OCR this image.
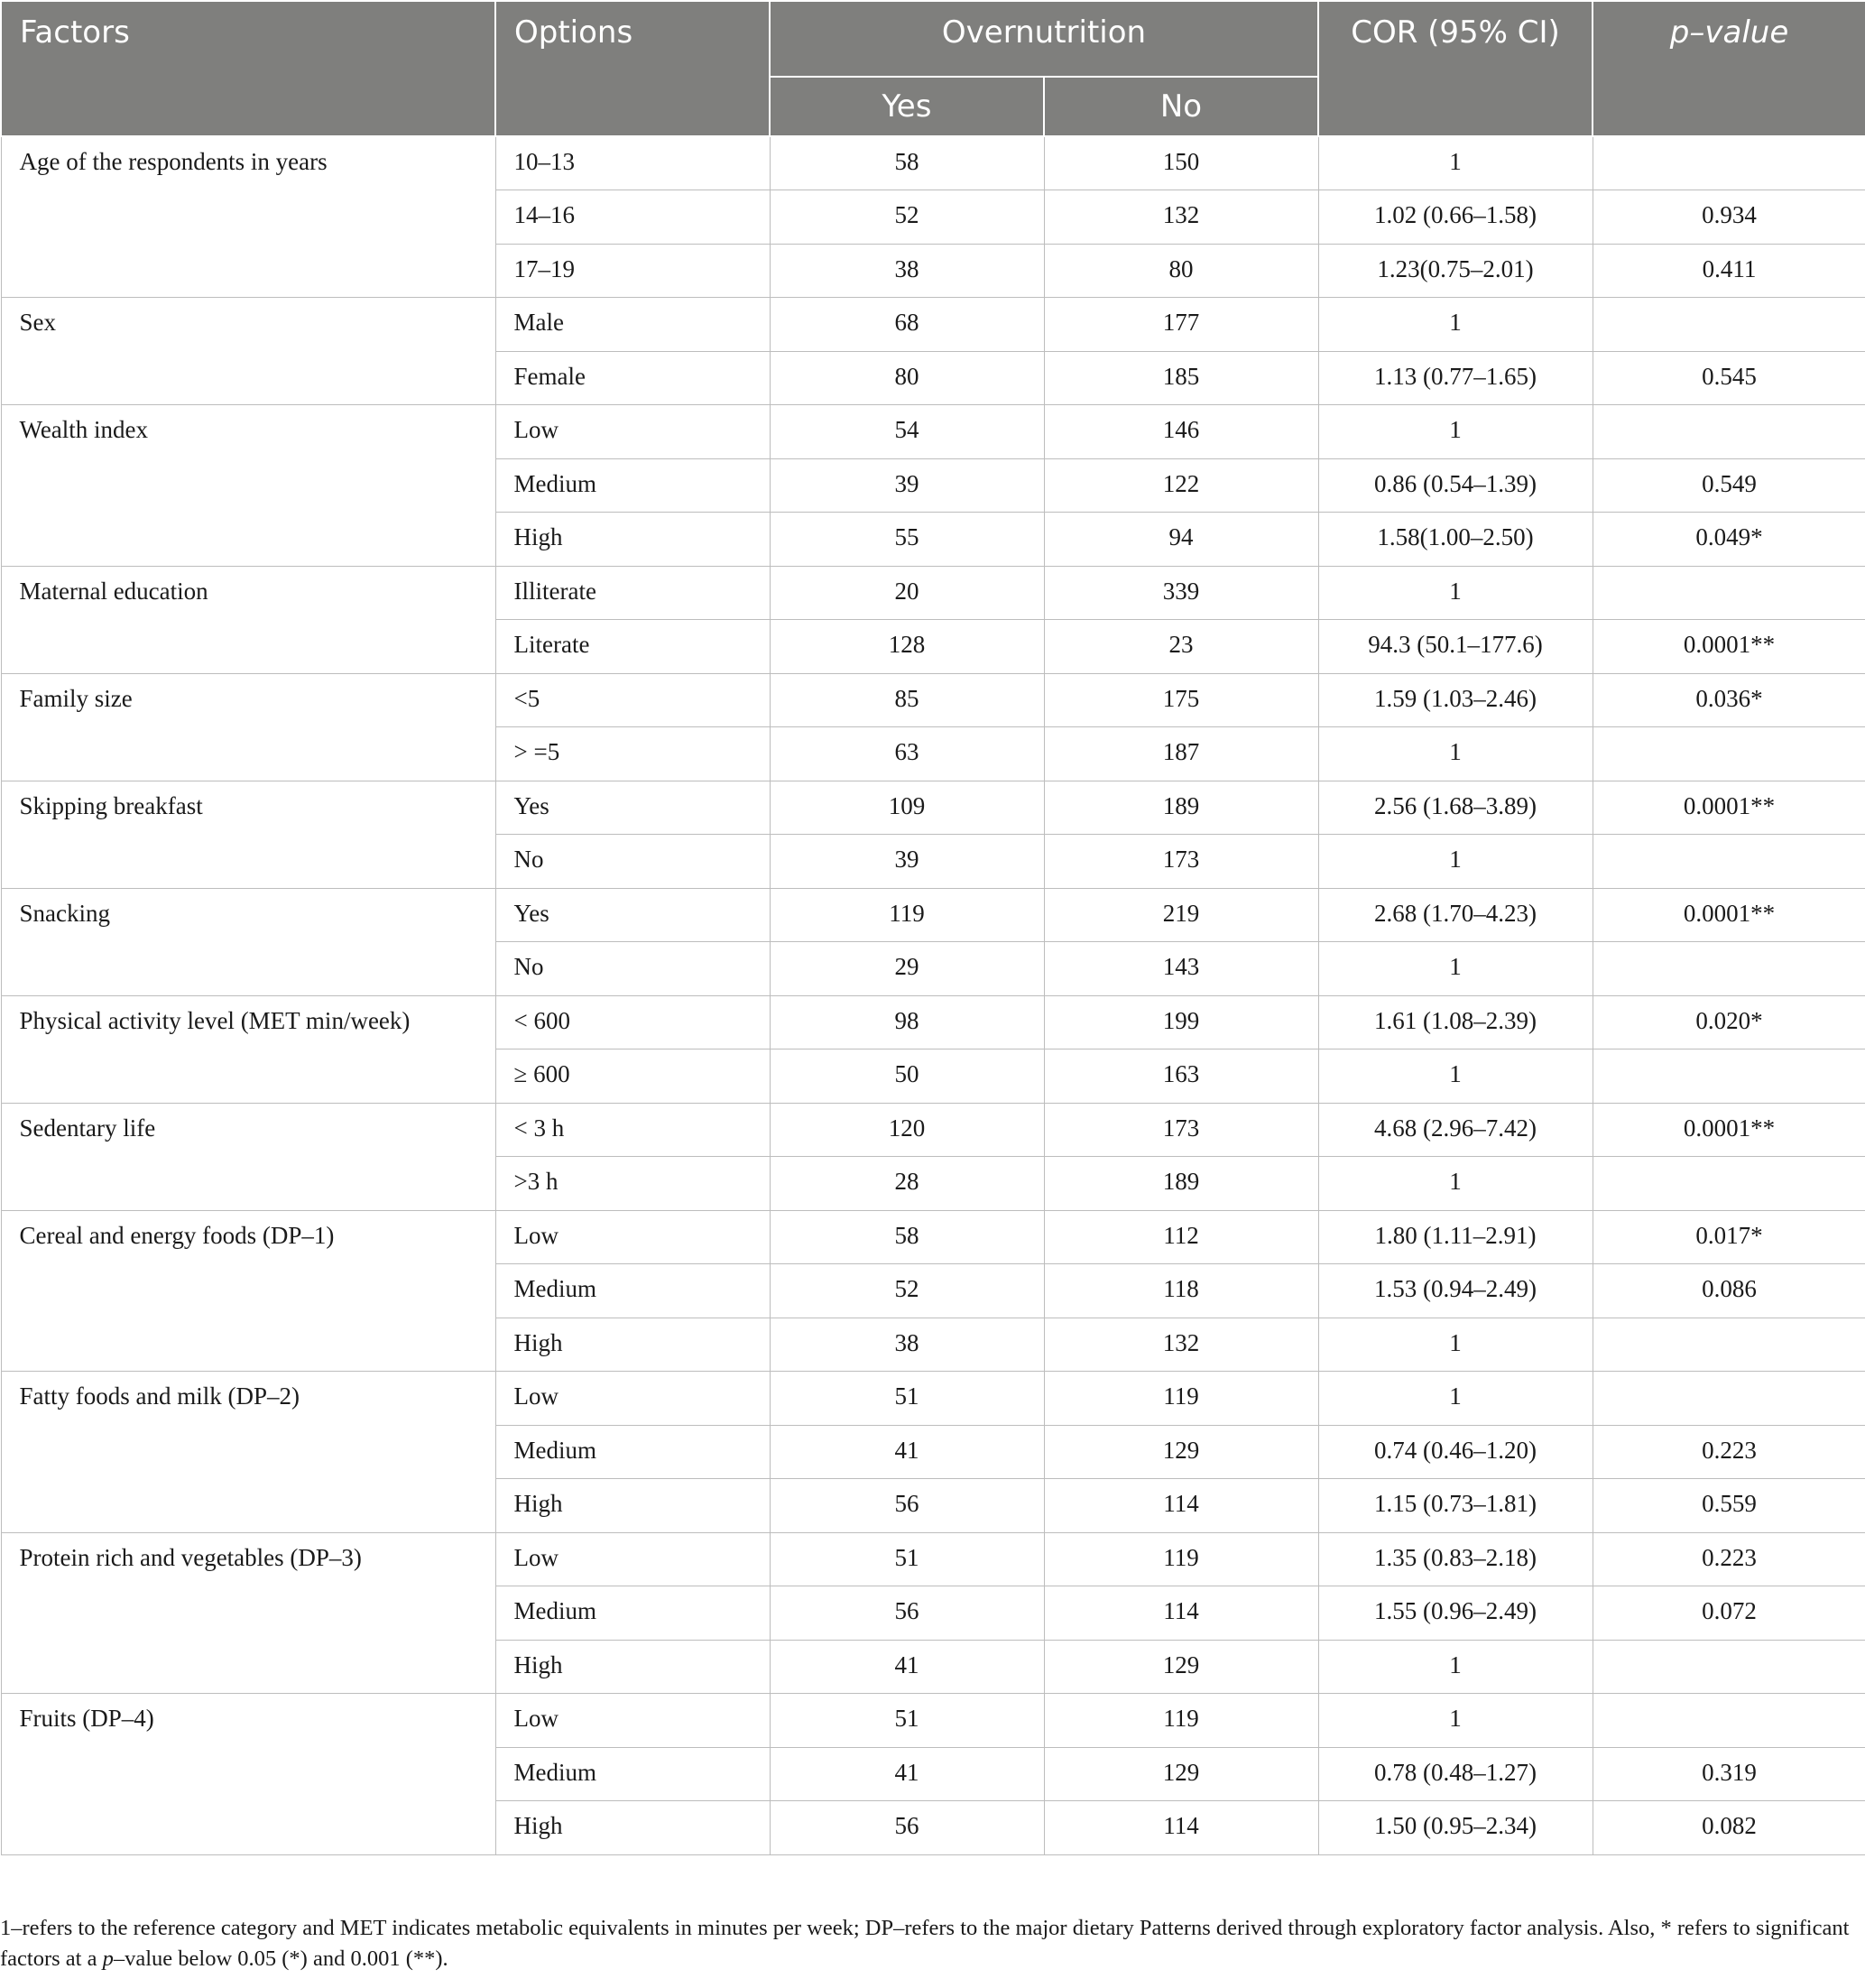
Factors	Options	Overnutrition		COR (95% CI)	p–value
		Yes	No		
Age of the respondents in years	10–13	58	150	1	
	14–16	52	132	1.02 (0.66–1.58)	0.934
	17–19	38	80	1.23(0.75–2.01)	0.411
Sex	Male	68	177	1	
	Female	80	185	1.13 (0.77–1.65)	0.545
Wealth index	Low	54	146	1	
	Medium	39	122	0.86 (0.54–1.39)	0.549
	High	55	94	1.58(1.00–2.50)	0.049*
Maternal education	Illiterate	20	339	1	
	Literate	128	23	94.3 (50.1–177.6)	0.0001**
Family size	<5	85	175	1.59 (1.03–2.46)	0.036*
	> =5	63	187	1	
Skipping breakfast	Yes	109	189	2.56 (1.68–3.89)	0.0001**
	No	39	173	1	
Snacking	Yes	119	219	2.68 (1.70–4.23)	0.0001**
	No	29	143	1	
Physical activity level (MET min/week)	< 600	98	199	1.61 (1.08–2.39)	0.020*
	≥ 600	50	163	1	
Sedentary life	< 3 h	120	173	4.68 (2.96–7.42)	0.0001**
	>3 h	28	189	1	
Cereal and energy foods (DP–1)	Low	58	112	1.80 (1.11–2.91)	0.017*
	Medium	52	118	1.53 (0.94–2.49)	0.086
	High	38	132	1	
Fatty foods and milk (DP–2)	Low	51	119	1	
	Medium	41	129	0.74 (0.46–1.20)	0.223
	High	56	114	1.15 (0.73–1.81)	0.559
Protein rich and vegetables (DP–3)	Low	51	119	1.35 (0.83–2.18)	0.223
	Medium	56	114	1.55 (0.96–2.49)	0.072
	High	41	129	1	
Fruits (DP–4)	Low	51	119	1	
	Medium	41	129	0.78 (0.48–1.27)	0.319
	High	56	114	1.50 (0.95–2.34)	0.082
1–refers to the reference category and MET indicates metabolic equivalents in minutes per week; DP–refers to the major dietary Patterns derived through exploratory factor analysis. Also, * refers to significant factors at a p–value below 0.05 (*) and 0.001 (**).
